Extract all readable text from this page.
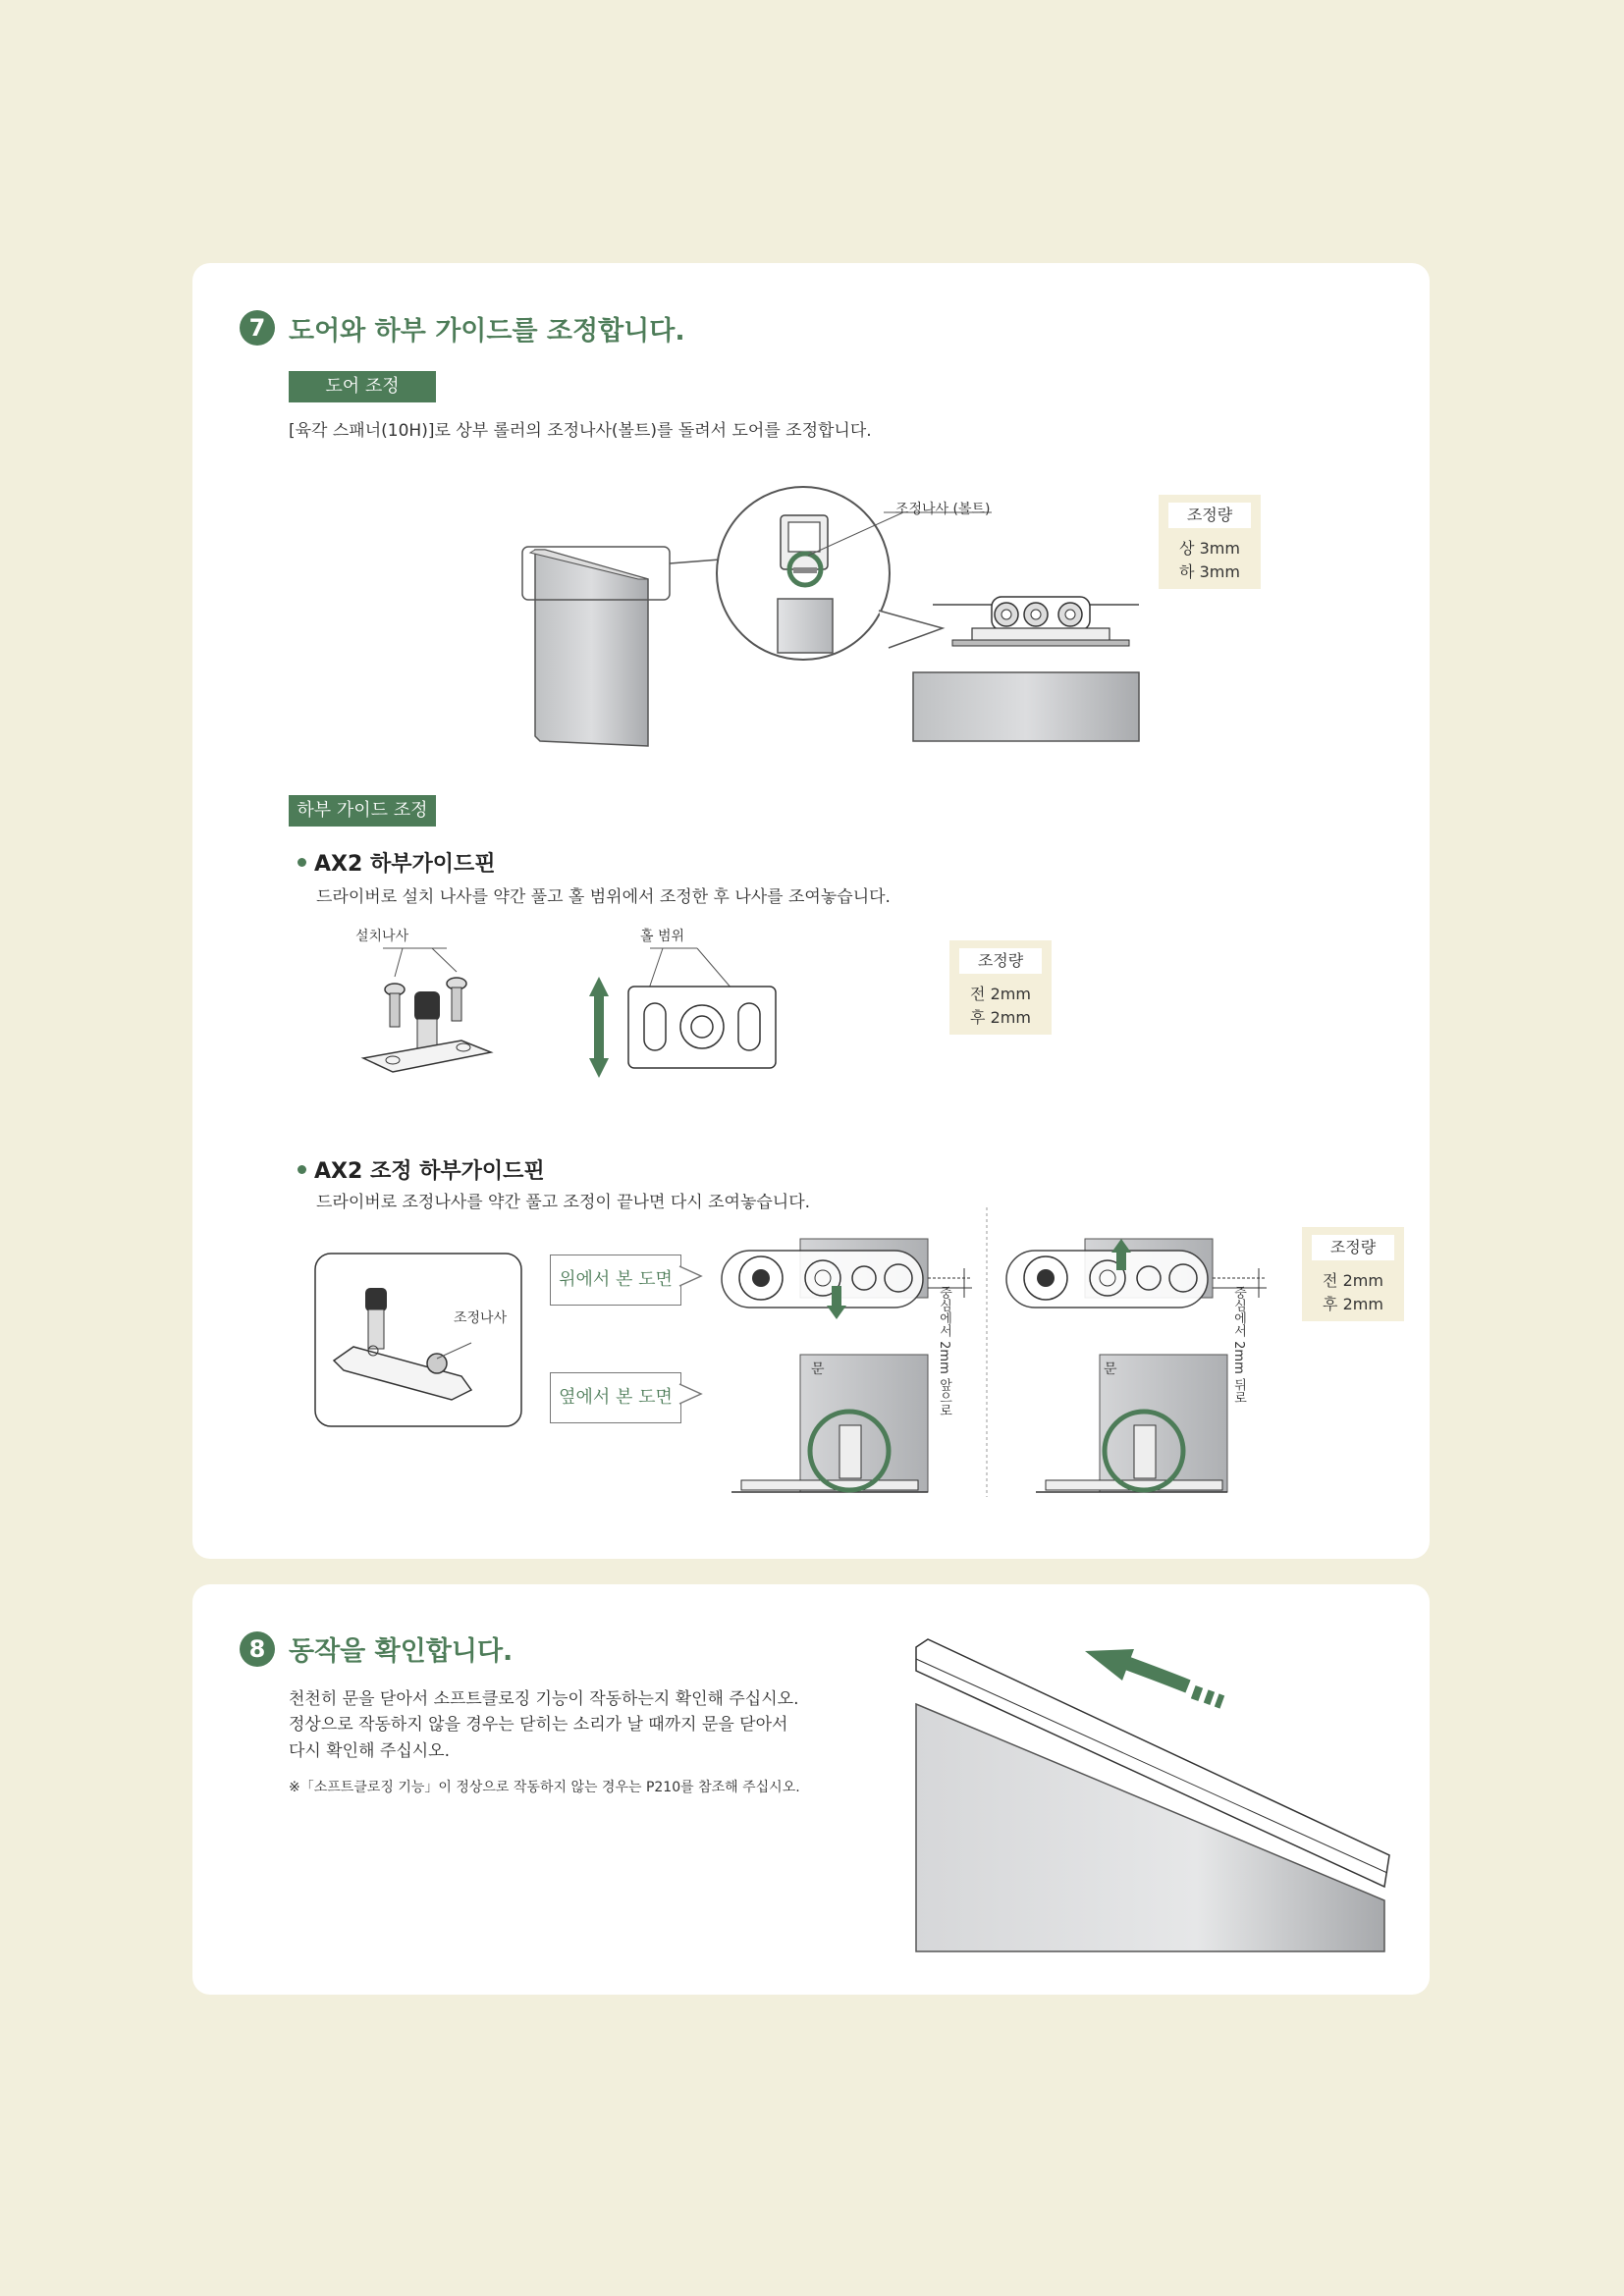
7 도어와 하부 가이드를 조정합니다.
도어 조정
[육각 스패너(10H)]로 상부 롤러의 조정나사(볼트)를 돌려서 도어를 조정합니다.
조정나사 (볼트)	조정량
상 3mm
하 3mm
하부 가이드 조정
AX2 하부가이드핀
드라이버로 설치 나사를 약간 풀고 홀 범위에서 조정한 후 나사를 조여놓습니다.
설치나사	홀 범위
조정량
전 2mm
후 2mm
AX2 조정 하부가이드핀
드라이버로 조정나사를 약간 풀고 조정이 끝나면 다시 조여놓습니다.
조정나사
위에서 본 도면
옆에서 본 도면
문	문
중심에서 2mm 앞으로	중심에서 2mm 뒤로
조정량
전 2mm
후 2mm
8 동작을 확인합니다.
천천히 문을 닫아서 소프트클로징 기능이 작동하는지 확인해 주십시오.
정상으로 작동하지 않을 경우는 닫히는 소리가 날 때까지 문을 닫아서
다시 확인해 주십시오.
※「소프트클로징 기능」이 정상으로 작동하지 않는 경우는 P210를 참조해 주십시오.
